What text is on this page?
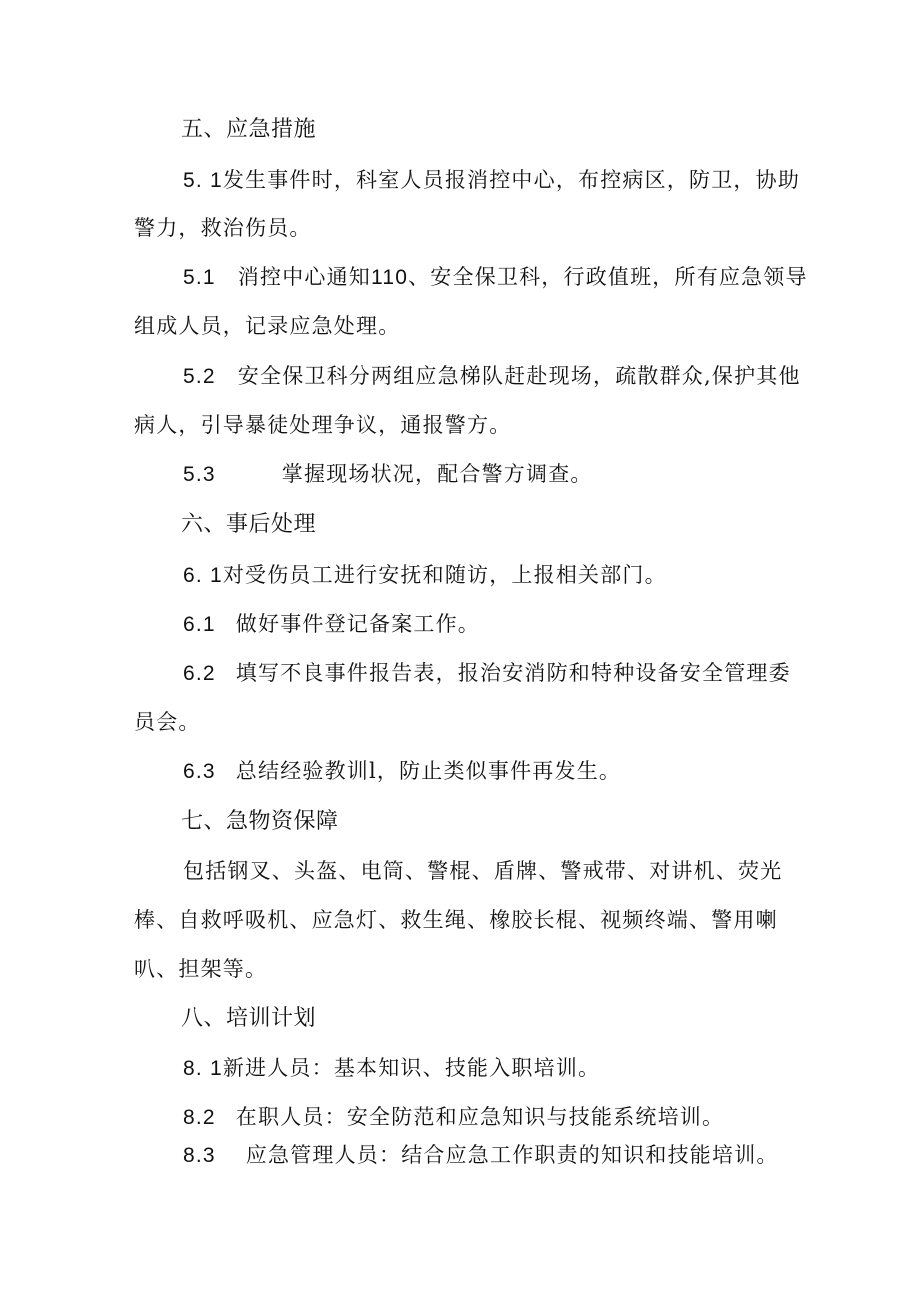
五、应急措施
5. 1发生事件时，科室人员报消控中心，布控病区，防卫，协助
警力，救治伤员。
5.1 消控中心通知110、安全保卫科，行政值班，所有应急领导
组成人员，记录应急处理。
5.2 安全保卫科分两组应急梯队赶赴现场，疏散群众,保护其他
病人，引导暴徒处理争议，通报警方。
5.3	掌握现场状况，配合警方调查。
六、事后处理
6. 1对受伤员工进行安抚和随访，上报相关部门。
6.1 做好事件登记备案工作。
6.2 填写不良事件报告表，报治安消防和特种设备安全管理委
员会。
6.3 总结经验教训l，防止类似事件再发生。
七、急物资保障
包括钢叉、头盔、电筒、警棍、盾牌、警戒带、对讲机、荧光
棒、自救呼吸机、应急灯、救生绳、橡胶长棍、视频终端、警用喇
叭、担架等。
八、培训计划
8. 1新进人员：基本知识、技能入职培训。
8.2 在职人员：安全防范和应急知识与技能系统培训。
8.3 应急管理人员：结合应急工作职责的知识和技能培训。
